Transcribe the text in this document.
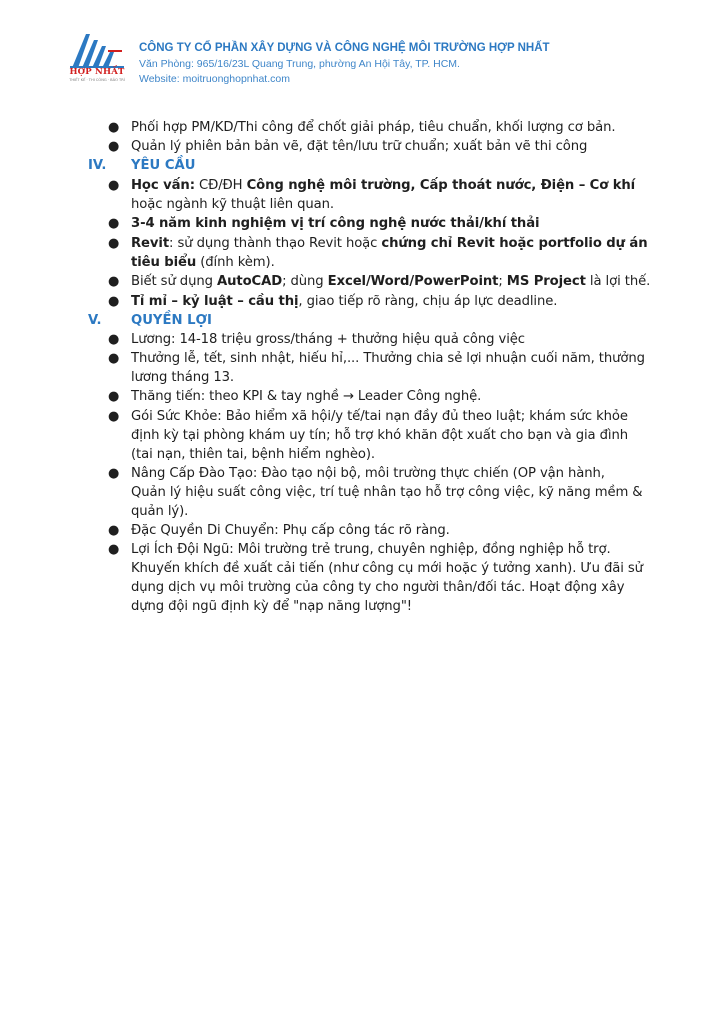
HỢP NHẤT
THIẾT KẾ · THI CÔNG · BẢO TRÌ
CÔNG TY CỔ PHẦN XÂY DỰNG VÀ CÔNG NGHỆ MÔI TRƯỜNG HỢP NHẤT
Văn Phòng: 965/16/23L Quang Trung, phường An Hội Tây, TP. HCM.
Website: moitruonghopnhat.com
● Phối hợp PM/KD/Thi công để chốt giải pháp, tiêu chuẩn, khối lượng cơ bản.
● Quản lý phiên bản bản vẽ, đặt tên/lưu trữ chuẩn; xuất bản vẽ thi công
IV. YÊU CẦU
● Học vấn: CĐ/ĐH Công nghệ môi trường, Cấp thoát nước, Điện – Cơ khí
hoặc ngành kỹ thuật liên quan.
● 3-4 năm kinh nghiệm vị trí công nghệ nước thải/khí thải
● Revit: sử dụng thành thạo Revit hoặc chứng chỉ Revit hoặc portfolio dự án
tiêu biểu (đính kèm).
● Biết sử dụng AutoCAD; dùng Excel/Word/PowerPoint; MS Project là lợi thế.
● Tỉ mỉ – kỷ luật – cầu thị, giao tiếp rõ ràng, chịu áp lực deadline.
V. QUYỀN LỢI
● Lương: 14-18 triệu gross/tháng + thưởng hiệu quả công việc
● Thưởng lễ, tết, sinh nhật, hiếu hỉ,... Thưởng chia sẻ lợi nhuận cuối năm, thưởng
lương tháng 13.
● Thăng tiến: theo KPI & tay nghề → Leader Công nghệ.
● Gói Sức Khỏe: Bảo hiểm xã hội/y tế/tai nạn đầy đủ theo luật; khám sức khỏe
định kỳ tại phòng khám uy tín; hỗ trợ khó khăn đột xuất cho bạn và gia đình
(tai nạn, thiên tai, bệnh hiểm nghèo).
● Nâng Cấp Đào Tạo: Đào tạo nội bộ, môi trường thực chiến (OP vận hành,
Quản lý hiệu suất công việc, trí tuệ nhân tạo hỗ trợ công việc, kỹ năng mềm &
quản lý).
● Đặc Quyền Di Chuyển: Phụ cấp công tác rõ ràng.
● Lợi Ích Đội Ngũ: Môi trường trẻ trung, chuyên nghiệp, đồng nghiệp hỗ trợ.
Khuyến khích đề xuất cải tiến (như công cụ mới hoặc ý tưởng xanh). Ưu đãi sử
dụng dịch vụ môi trường của công ty cho người thân/đối tác. Hoạt động xây
dựng đội ngũ định kỳ để "nạp năng lượng"!
